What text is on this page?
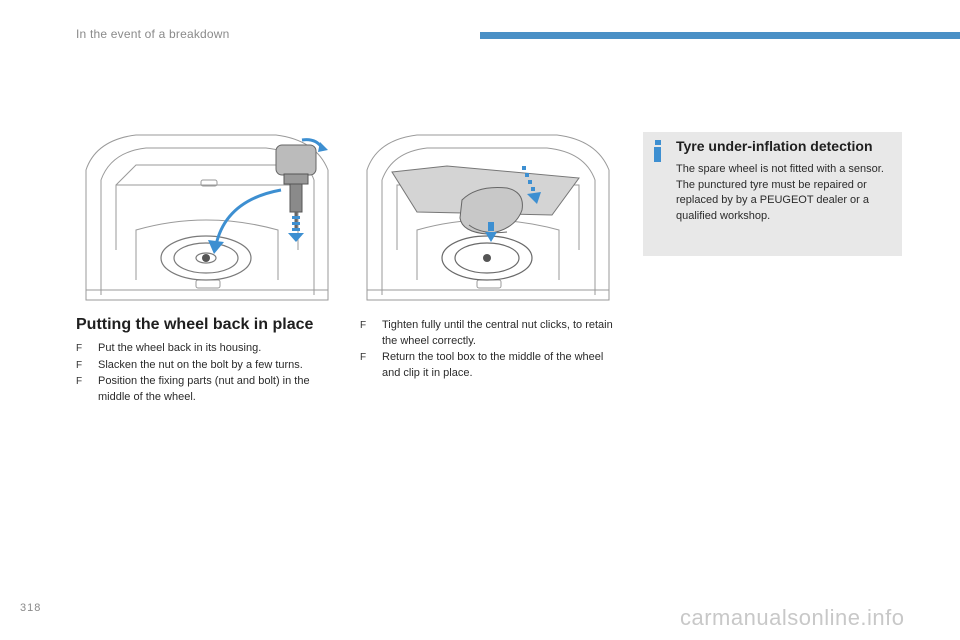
In the event of a breakdown
Putting the wheel back in place
F Put the wheel back in its housing.
F Slacken the nut on the bolt by a few turns.
F Position the fixing parts (nut and bolt) in the middle of the wheel.
F Tighten fully until the central nut clicks, to retain the wheel correctly.
F Return the tool box to the middle of the wheel and clip it in place.
Tyre under-inflation detection

The spare wheel is not fitted with a sensor.

The punctured tyre must be repaired or replaced by by a PEUGEOT dealer or a qualified workshop.

318	carmanualsonline.info
